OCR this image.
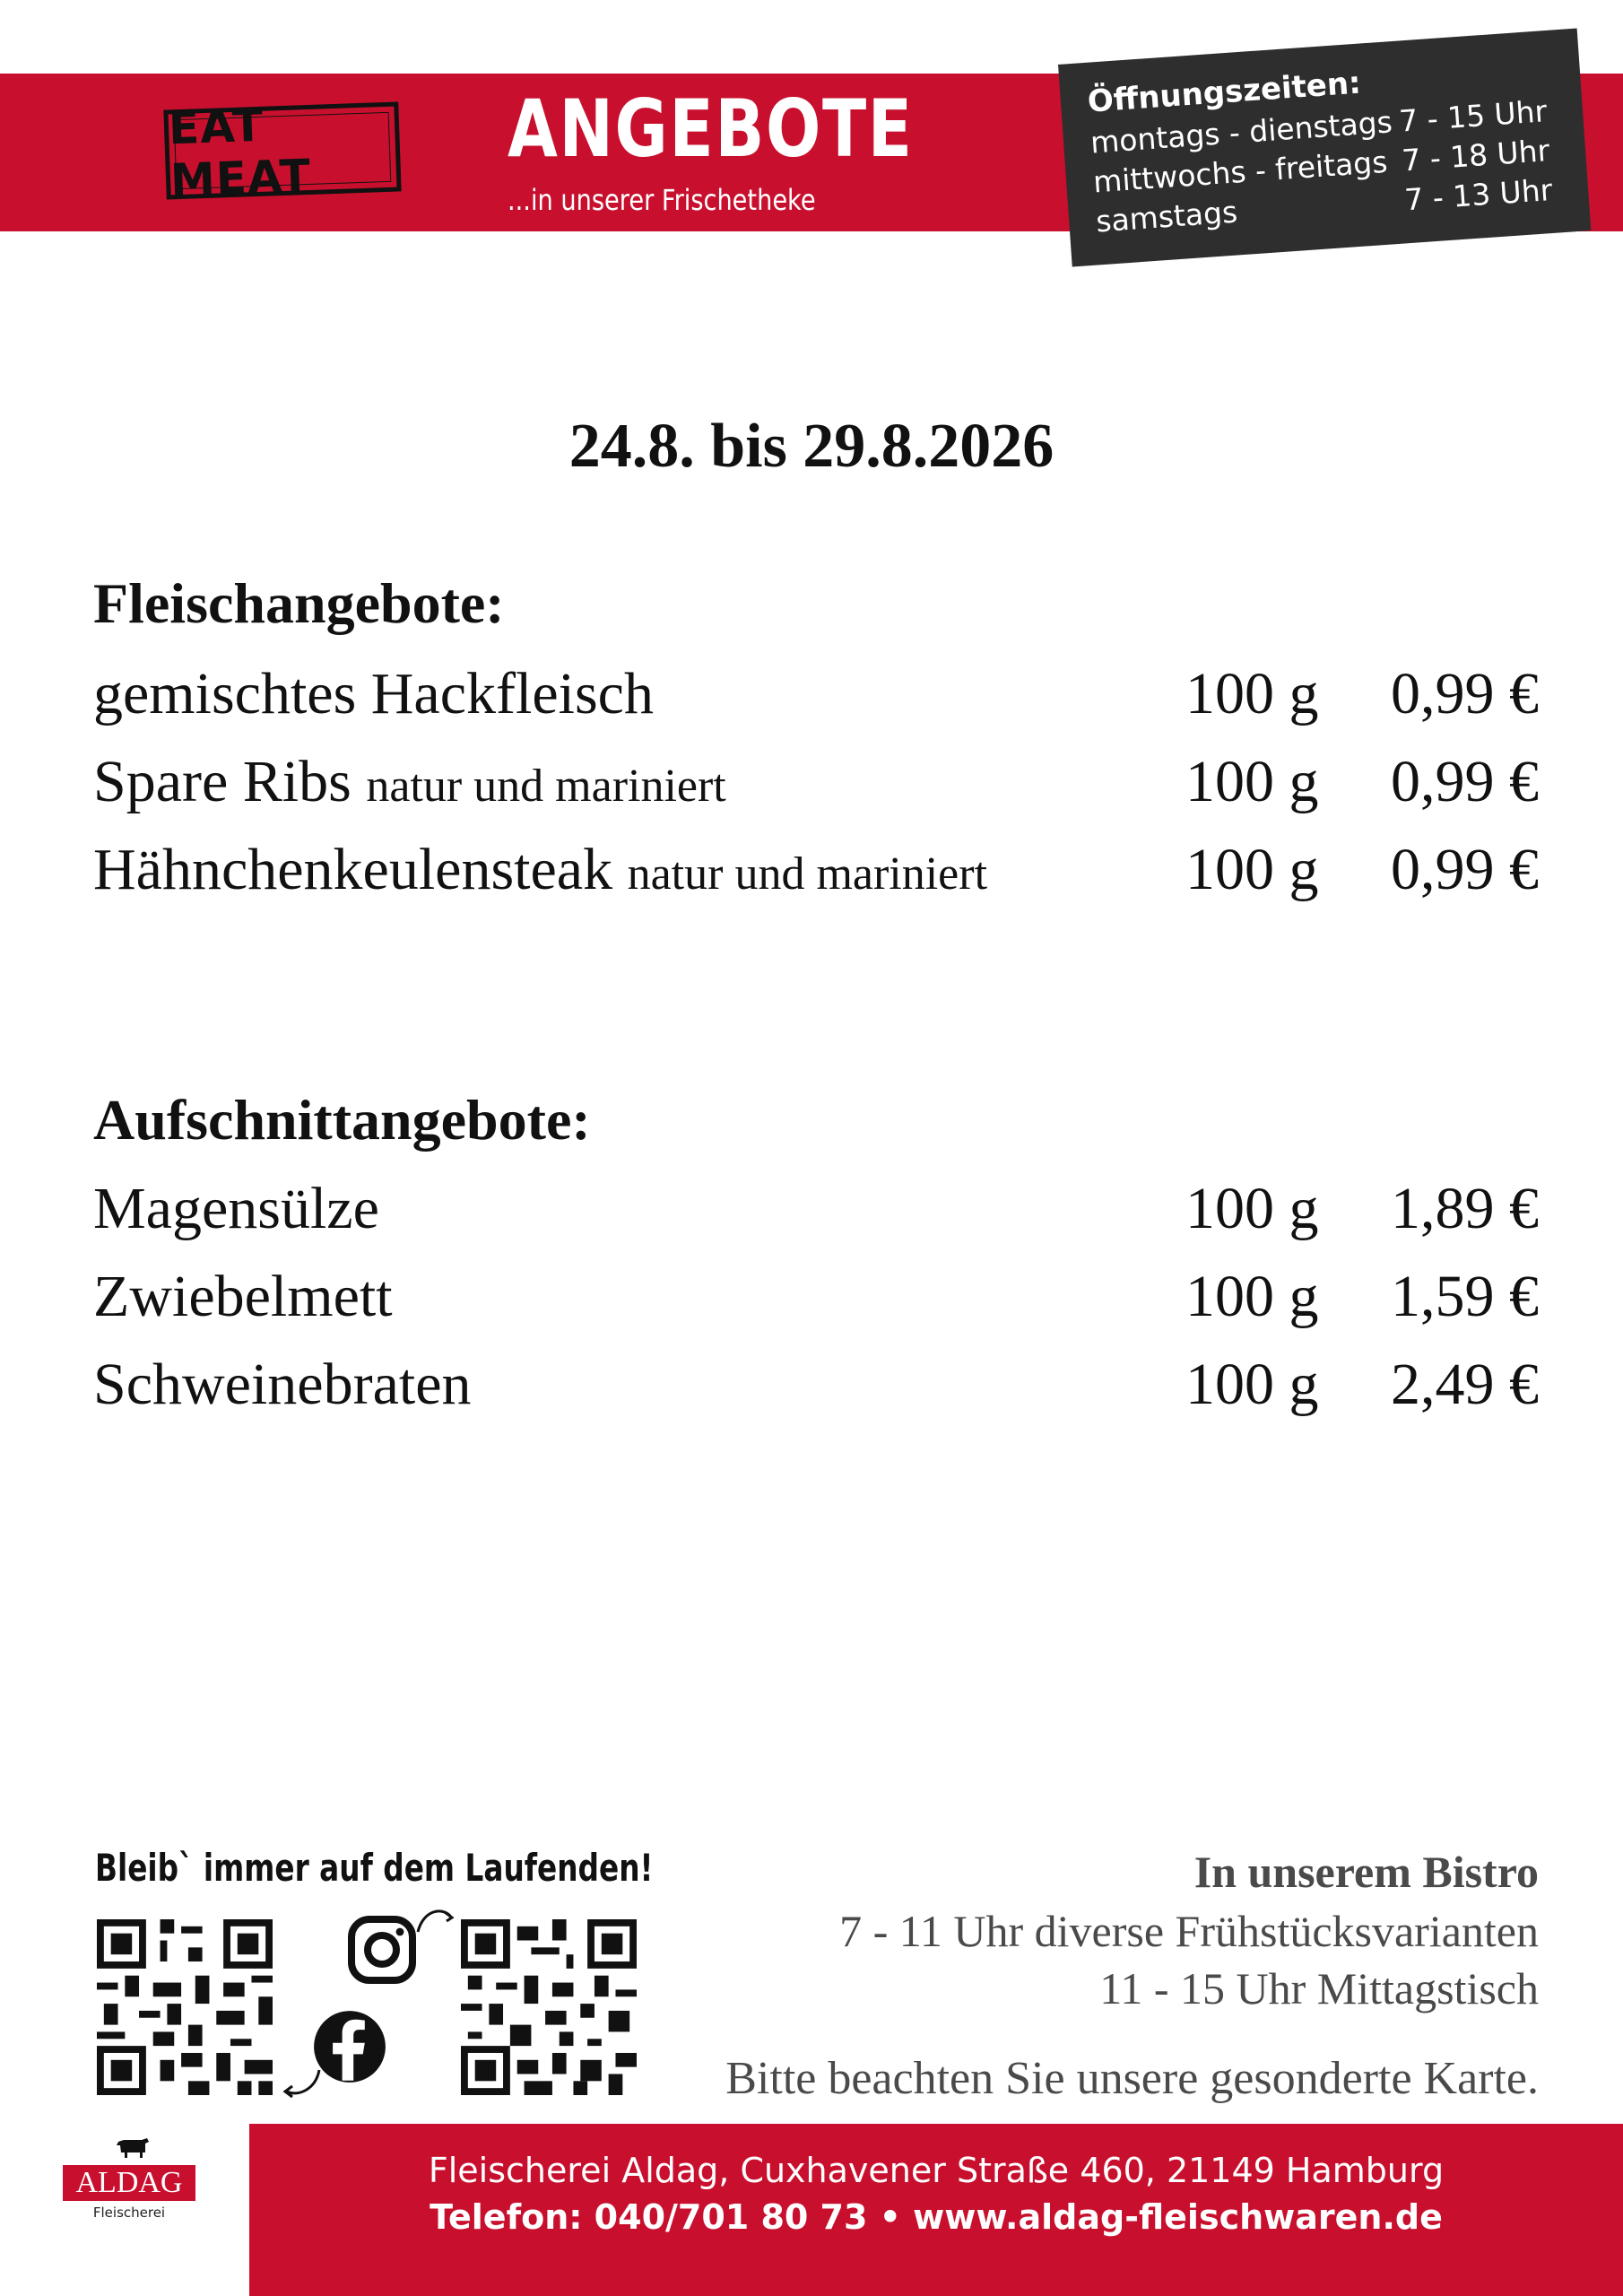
EAT MEAT
ANGEBOTE
...in unserer Frischetheke
Öffnungszeiten:
montags - dienstags 7 - 15 Uhr
mittwochs - freitags 7 - 18 Uhr
samstags	7 - 13 Uhr
24.8. bis 29.8.2026
Fleischangebote:
gemischtes Hackfleisch	100 g 0,99 €
Spare Ribs natur und mariniert	100 g 0,99 €
Hähnchenkeulensteak natur und mariniert	100 g 0,99 €
Aufschnittangebote:
Magensülze	100 g 1,89 €
Zwiebelmett	100 g 1,59 €
Schweinebraten	100 g 2,49 €
Bleib` immer auf dem Laufenden!	In unserem Bistro
7 - 11 Uhr diverse Frühstücksvarianten
11 - 15 Uhr Mittagstisch
Bitte beachten Sie unsere gesonderte Karte.
ALDAG
Fleischerei
Fleischerei Aldag, Cuxhavener Straße 460, 21149 Hamburg
Telefon: 040/701 80 73 • www.aldag-fleischwaren.de
